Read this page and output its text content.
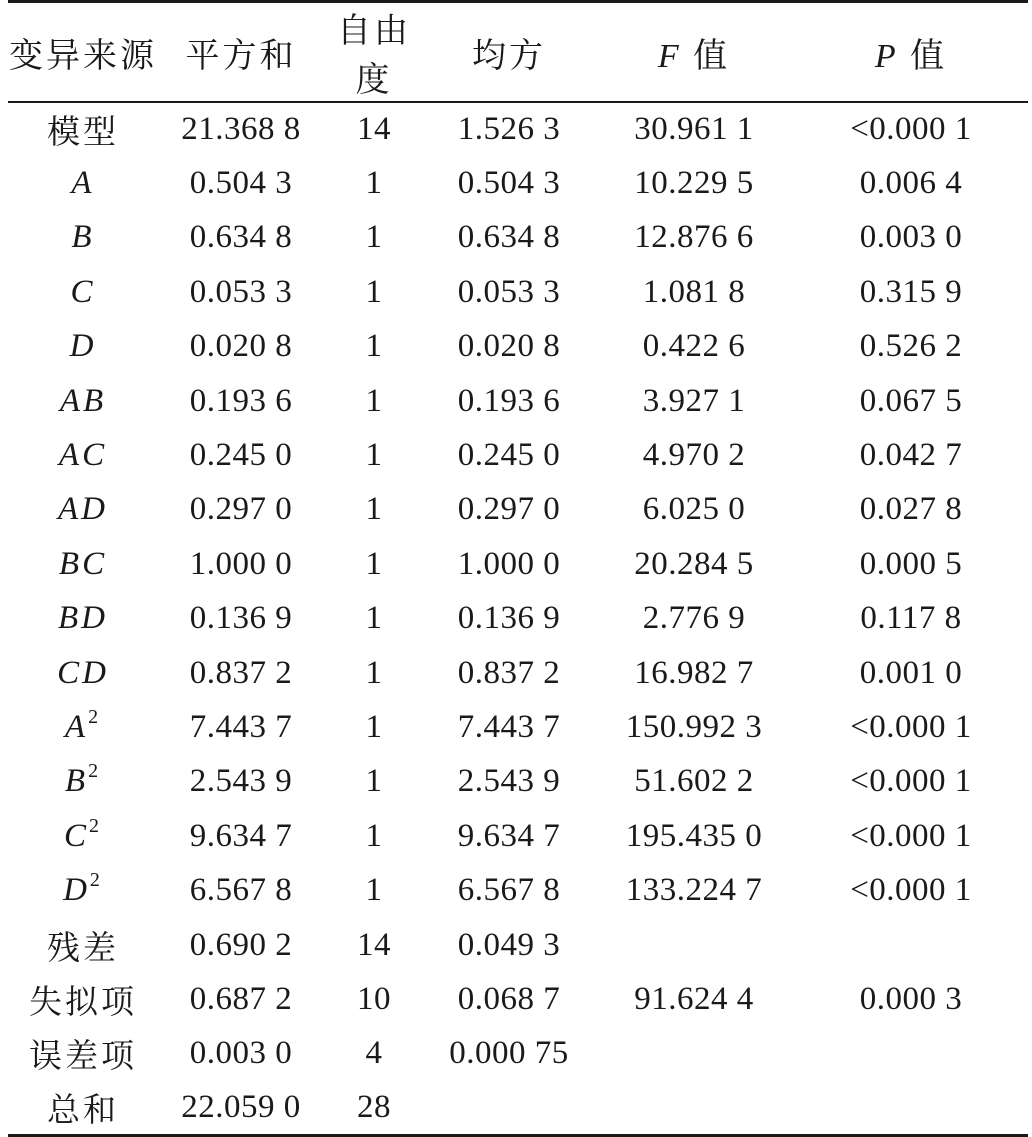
变异来源	平方和	自由度	均方	F 值	P 值
模型	21.368 8	14	1.526 3	30.961 1	<0.000 1
A	0.504 3	1	0.504 3	10.229 5	0.006 4
B	0.634 8	1	0.634 8	12.876 6	0.003 0
C	0.053 3	1	0.053 3	1.081 8	0.315 9
D	0.020 8	1	0.020 8	0.422 6	0.526 2
AB	0.193 6	1	0.193 6	3.927 1	0.067 5
AC	0.245 0	1	0.245 0	4.970 2	0.042 7
AD	0.297 0	1	0.297 0	6.025 0	0.027 8
BC	1.000 0	1	1.000 0	20.284 5	0.000 5
BD	0.136 9	1	0.136 9	2.776 9	0.117 8
CD	0.837 2	1	0.837 2	16.982 7	0.001 0
$A^2$	7.443 7	1	7.443 7	150.992 3	<0.000 1
$B^2$	2.543 9	1	2.543 9	51.602 2	<0.000 1
$C^2$	9.634 7	1	9.634 7	195.435 0	<0.000 1
$D^2$	6.567 8	1	6.567 8	133.224 7	<0.000 1
残差	0.690 2	14	0.049 3		
失拟项	0.687 2	10	0.068 7	91.624 4	0.000 3
误差项	0.003 0	4	0.000 75		
总和	22.059 0	28			
